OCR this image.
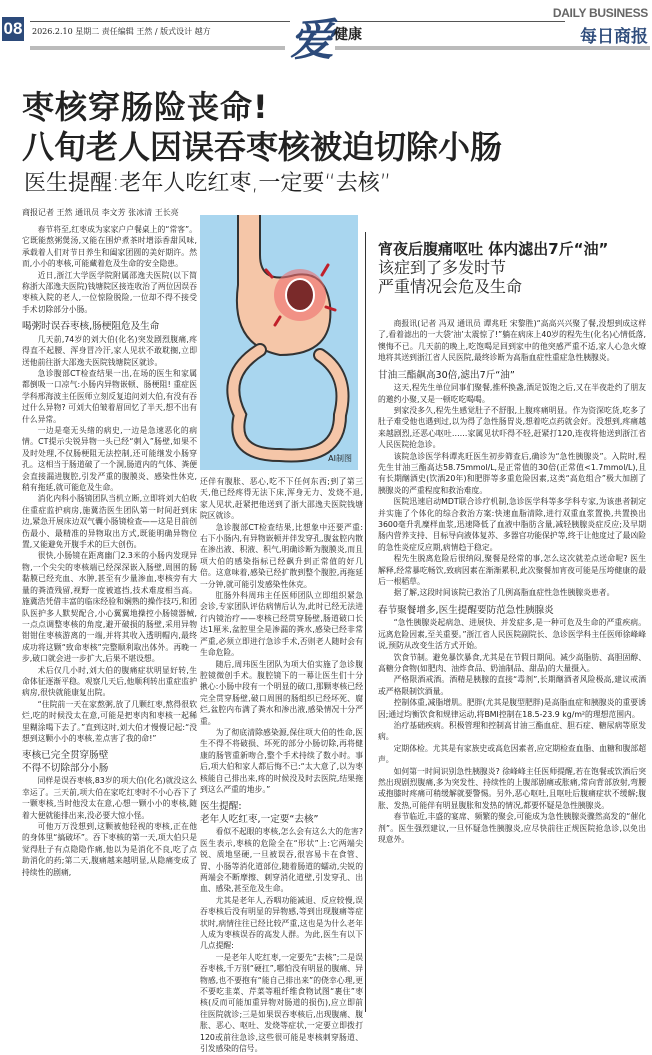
08 2026.2.10 星期二 责任编辑 王然 / 版式设计 越方 爱 健康
DAILY BUSINESS
每日商报
枣核穿肠险丧命!
八旬老人因误吞枣核被迫切除小肠
医生提醒:老年人吃红枣,一定要“去核”
商报记者 王然 通讯员 李文芳 张冰清 王长亮

春节将至,红枣成为家家户户餐桌上的“常客”。它既能熬粥煲汤,又能在围炉煮茶时增添香甜风味,承载着人们对节日养生和阖家团圆的美好期许。然而,小小的枣核,可能藏着危及生命的安全隐患。

近日,浙江大学医学院附属邵逸夫医院(以下简称浙大邵逸夫医院)钱塘院区接连收治了两位因误吞枣核入院的老人,一位惊险脱险,一位却不得不接受手术切除部分小肠。

喝粥时误吞枣核,肠梗阻危及生命

几天前,74岁的刘大伯(化名)突发剧烈腹痛,疼得直不起腰、浑身冒冷汗,家人见状不敢耽搁,立即送他前往浙大邵逸夫医院钱塘院区就诊。

急诊腹部CT检查结果一出,在场的医生和家属都倒吸一口凉气:小肠内异物嵌顿、肠梗阻! 重症医学科邢海波主任医师立刻反复追问刘大伯,有没有吞过什么异物? 可刘大伯皱着眉回忆了半天,想不出有什么异常。

一边是毫无头绪的病史,一边是急速恶化的病情。CT提示尖锐异物一头已经“刺入”肠壁,如果不及时处理,不仅肠梗阻无法控制,还可能继发小肠穿孔。这相当于肠道破了一个洞,肠道内的气体、粪便会直接漏进腹腔,引发严重的腹膜炎、感染性休克,稍有拖延,就可能危及生命。

消化内科小肠镜团队当机立断,立即将刘大伯收住重症监护病房,施冀浩医生团队第一时间赶到床边,紧急开展床边双气囊小肠镜检查——这是目前创伤最小、最精准的异物取出方式,既能明确异物位置,又能避免开腹手术的巨大创伤。

很快,小肠镜在距离幽门2.3米的小肠内发现异物,一个尖尖的枣核端已经深深嵌入肠壁,周围的肠黏膜已经充血、水肿,甚至有少量渗血,枣核旁有大量的粪渣残留,视野一度被遮挡,技术难度相当高。施冀浩凭借丰富的临床经验和娴熟的操作技巧,和团队医护多人默契配合,小心翼翼地操控小肠镜器械,一点点调整枣核的角度,避开破损的肠壁,采用异物钳钳住枣核游离的一端,并将其收入透明帽内,最终成功将这颗“致命枣核”完整顺利取出体外。再晚一步,破口就会进一步扩大,后果不堪设想。

术后仅几小时,刘大伯的腹痛症状明显好转,生命体征逐渐平稳。观察几天后,他顺利转出重症监护病房,很快就能康复出院。

“住院前一天在家熬粥,放了几颗红枣,熬得很软烂,吃的时候没太在意,可能是把枣肉和枣核一起稀里糊涂喝下去了。”直到这时,刘大伯才慢慢记起:“没想到这颗小小的枣核,差点害了我的命!”

枣核已完全贯穿肠壁
不得不切除部分小肠

同样是误吞枣核,83岁的项大伯(化名)就没这么幸运了。三天前,项大伯在家吃红枣时不小心吞下了一颗枣核,当时他没太在意,心想一颗小小的枣核,随着大便就能排出来,没必要大惊小怪。

可他万万没想到,这颗被他轻视的枣核,正在他的身体里“搞破坏”。吞下枣核的第一天,项大伯只是觉得肚子有点隐隐作痛,他以为是消化不良,吃了点助消化的药;第二天,腹痛越来越明显,从隐痛变成了持续性的剧痛,

AI制图

还伴有腹胀、恶心,吃不下任何东西;到了第三天,他已经疼得无法下床,浑身无力、发烧不退,家人见状,赶紧把他送到了浙大邵逸夫医院钱塘院区就诊。

急诊腹部CT检查结果,比想象中还要严重:右下小肠内,有异物嵌顿并伴发穿孔,腹盆腔内散在渗出液、积液、积气,明确诊断为腹膜炎,而且项大伯的感染指标已经飙升到正常值的好几倍。这意味着,感染已经扩散到整个腹腔,再拖延一分钟,就可能引发感染性休克。

肛肠外科周玮主任医师团队立即组织紧急会诊,专家团队评估病情后认为,此时已经无法进行内镜治疗——枣核已经贯穿肠壁,肠道破口长达1厘米,盆腔里全是渗漏的粪水,感染已经非常严重,必须立即进行急诊手术,否则老人随时会有生命危险。

随后,周玮医生团队为项大伯实施了急诊腹腔镜微创手术。腹腔镜下的一幕让医生们十分揪心:小肠中段有一个明显的破口,那颗枣核已经完全贯穿肠壁,破口周围的肠组织已经坏死、腐烂,盆腔内布满了粪水和渗出液,感染情况十分严重。

为了彻底清除感染源,保住项大伯的性命,医生不得不将破损、坏死的部分小肠切除,再将健康的肠管重新吻合,整个手术持续了数小时。事后,项大伯和家人都后悔不已:“太大意了,以为枣核能自己排出来,疼的时候没及时去医院,结果拖到这么严重的地步。”

医生提醒:
老年人吃红枣,一定要“去核”

看似不起眼的枣核,怎么会有这么大的危害? 医生表示,枣核的危险全在“形状”上:它两端尖锐、质地坚硬,一旦被误吞,很容易卡在食管、胃、小肠等消化道部位,随着肠道的蠕动,尖锐的两端会不断摩擦、刺穿消化道壁,引发穿孔、出血、感染,甚至危及生命。

尤其是老年人,吞咽功能减退、反应较慢,误吞枣核后没有明显的异物感,等到出现腹痛等症状时,病情往往已经比较严重,这也是为什么老年人成为枣核误吞的高发人群。为此,医生有以下几点提醒:

一是老年人吃红枣,一定要先“去核”;二是误吞枣核,千万别“硬扛”,哪怕没有明显的腹痛、异物感,也不要抱有“能自己排出来”的侥幸心理,更不要吃韭菜、芹菜等粗纤维食物试图“裹住”枣核(反而可能加重异物对肠道的损伤),应立即前往医院就诊;三是如果误吞枣核后,出现腹痛、腹胀、恶心、呕吐、发烧等症状,一定要立即拨打120或前往急诊,这些很可能是枣核刺穿肠道、引发感染的信号。

宵夜后腹痛呕吐 体内滤出7斤“油”
该症到了多发时节
严重情况会危及生命

商报讯(记者 冯双 通讯员 谭兆旺 宋黎胜)“高高兴兴聚了餐,没想到成这样了,看着滤出的一大袋‘油’太震惊了!”躺在病床上40岁的程先生(化名)心情低落,懊悔不已。几天前的晚上,吃饱喝足回到家中的他突感严重不适,家人心急火燎地将其送到浙江省人民医院,最终诊断为高脂血症性重症急性胰腺炎。

甘油三酯飙高30倍,滤出7斤“油”

这天,程先生单位同事们聚餐,推杯换盏,酒足饭饱之后,又在半夜赴约了朋友的邀约小聚,又是一顿吃吃喝喝。

到家没多久,程先生感觉肚子不舒服,上腹疼痛明显。作为资深吃货,吃多了肚子难受他也遇到过,以为得了急性肠胃炎,想着吃点药就会好。没想到,疼痛越来越剧烈,还恶心呕吐……家属见状吓得不轻,赶紧打120,连夜将他送到浙江省人民医院抢急诊。

该院急诊医学科谭兆旺医生初步筛查后,确诊为“急性胰腺炎”。入院时,程先生甘油三酯高达58.75mmol/L,是正常值的30倍(正常值<1.7mmol/L),且有长期酗酒史(饮酒20年)和肥胖等多重危险因素,这类“高危组合”极大加剧了胰腺炎的严重程度和救治难度。

医院迅速启动MDT联合诊疗机制,急诊医学科等多学科专家,为该患者制定并实施了个体化的综合救治方案:快速血脂清除,进行双重血浆置换,共置换出3600毫升乳糜样血浆,迅速降低了血液中脂肪含量,减轻胰腺炎症反应;及早期肠内营养支持、目标导向液体复苏、多器官功能保护等,终于让他度过了最凶险的急性炎症反应期,病情趋于稳定。

程先生脱离危险后很纳闷,聚餐是经常的事,怎么这次就差点送命呢? 医生解释,经常暴吃畅饮,致病因素在渐渐累积,此次聚餐加宵夜可能是压垮健康的最后一根稻草。

据了解,这段时间该院已救治了几例高脂血症性急性胰腺炎患者。

春节聚餐增多,医生提醒要防范急性胰腺炎

“急性胰腺炎起病急、进展快、并发症多,是一种可危及生命的严重疾病。远离危险因素,至关重要。”浙江省人民医院副院长、急诊医学科主任医师徐峰峰说,预防从改变生活方式开始。

饮食节制。避免暴饮暴食,尤其是在节假日期间。减少高脂肪、高胆固醇、高糖分食物(如肥肉、油炸食品、奶油制品、甜品)的大量摄入。

严格限酒戒酒。酒精是胰腺的直接“毒剂”,长期酗酒者风险极高,建议戒酒或严格限制饮酒量。

控制体重,减脂增肌。肥胖(尤其是腹型肥胖)是高脂血症和胰腺炎的重要诱因;通过均衡饮食和规律运动,将BMI控制在18.5-23.9 kg/m²的理想范围内。

治疗基础疾病。积极管理和控制高甘油三酯血症、胆石症、糖尿病等原发病。

定期体检。尤其是有家族史或高危因素者,应定期检查血脂、血糖和腹部超声。

如何第一时间识别急性胰腺炎? 徐峰峰主任医师提醒,若在饱餐或饮酒后突然出现剧烈腹痛,多为突发性、持续性的上腹部剧痛或胀痛,常向背部放射,弯腰或抱膝时疼痛可稍缓解就要警惕。另外,恶心呕吐,且呕吐后腹痛症状不缓解;腹胀、发热,可能伴有明显腹胀和发热的情况,都要怀疑是急性胰腺炎。

春节临近,丰盛的宴席、频繁的聚会,可能成为急性胰腺炎骤然高发的“催化剂”。医生强烈建议,一旦怀疑急性胰腺炎,应尽快前往正规医院抢急诊,以免出现意外。
